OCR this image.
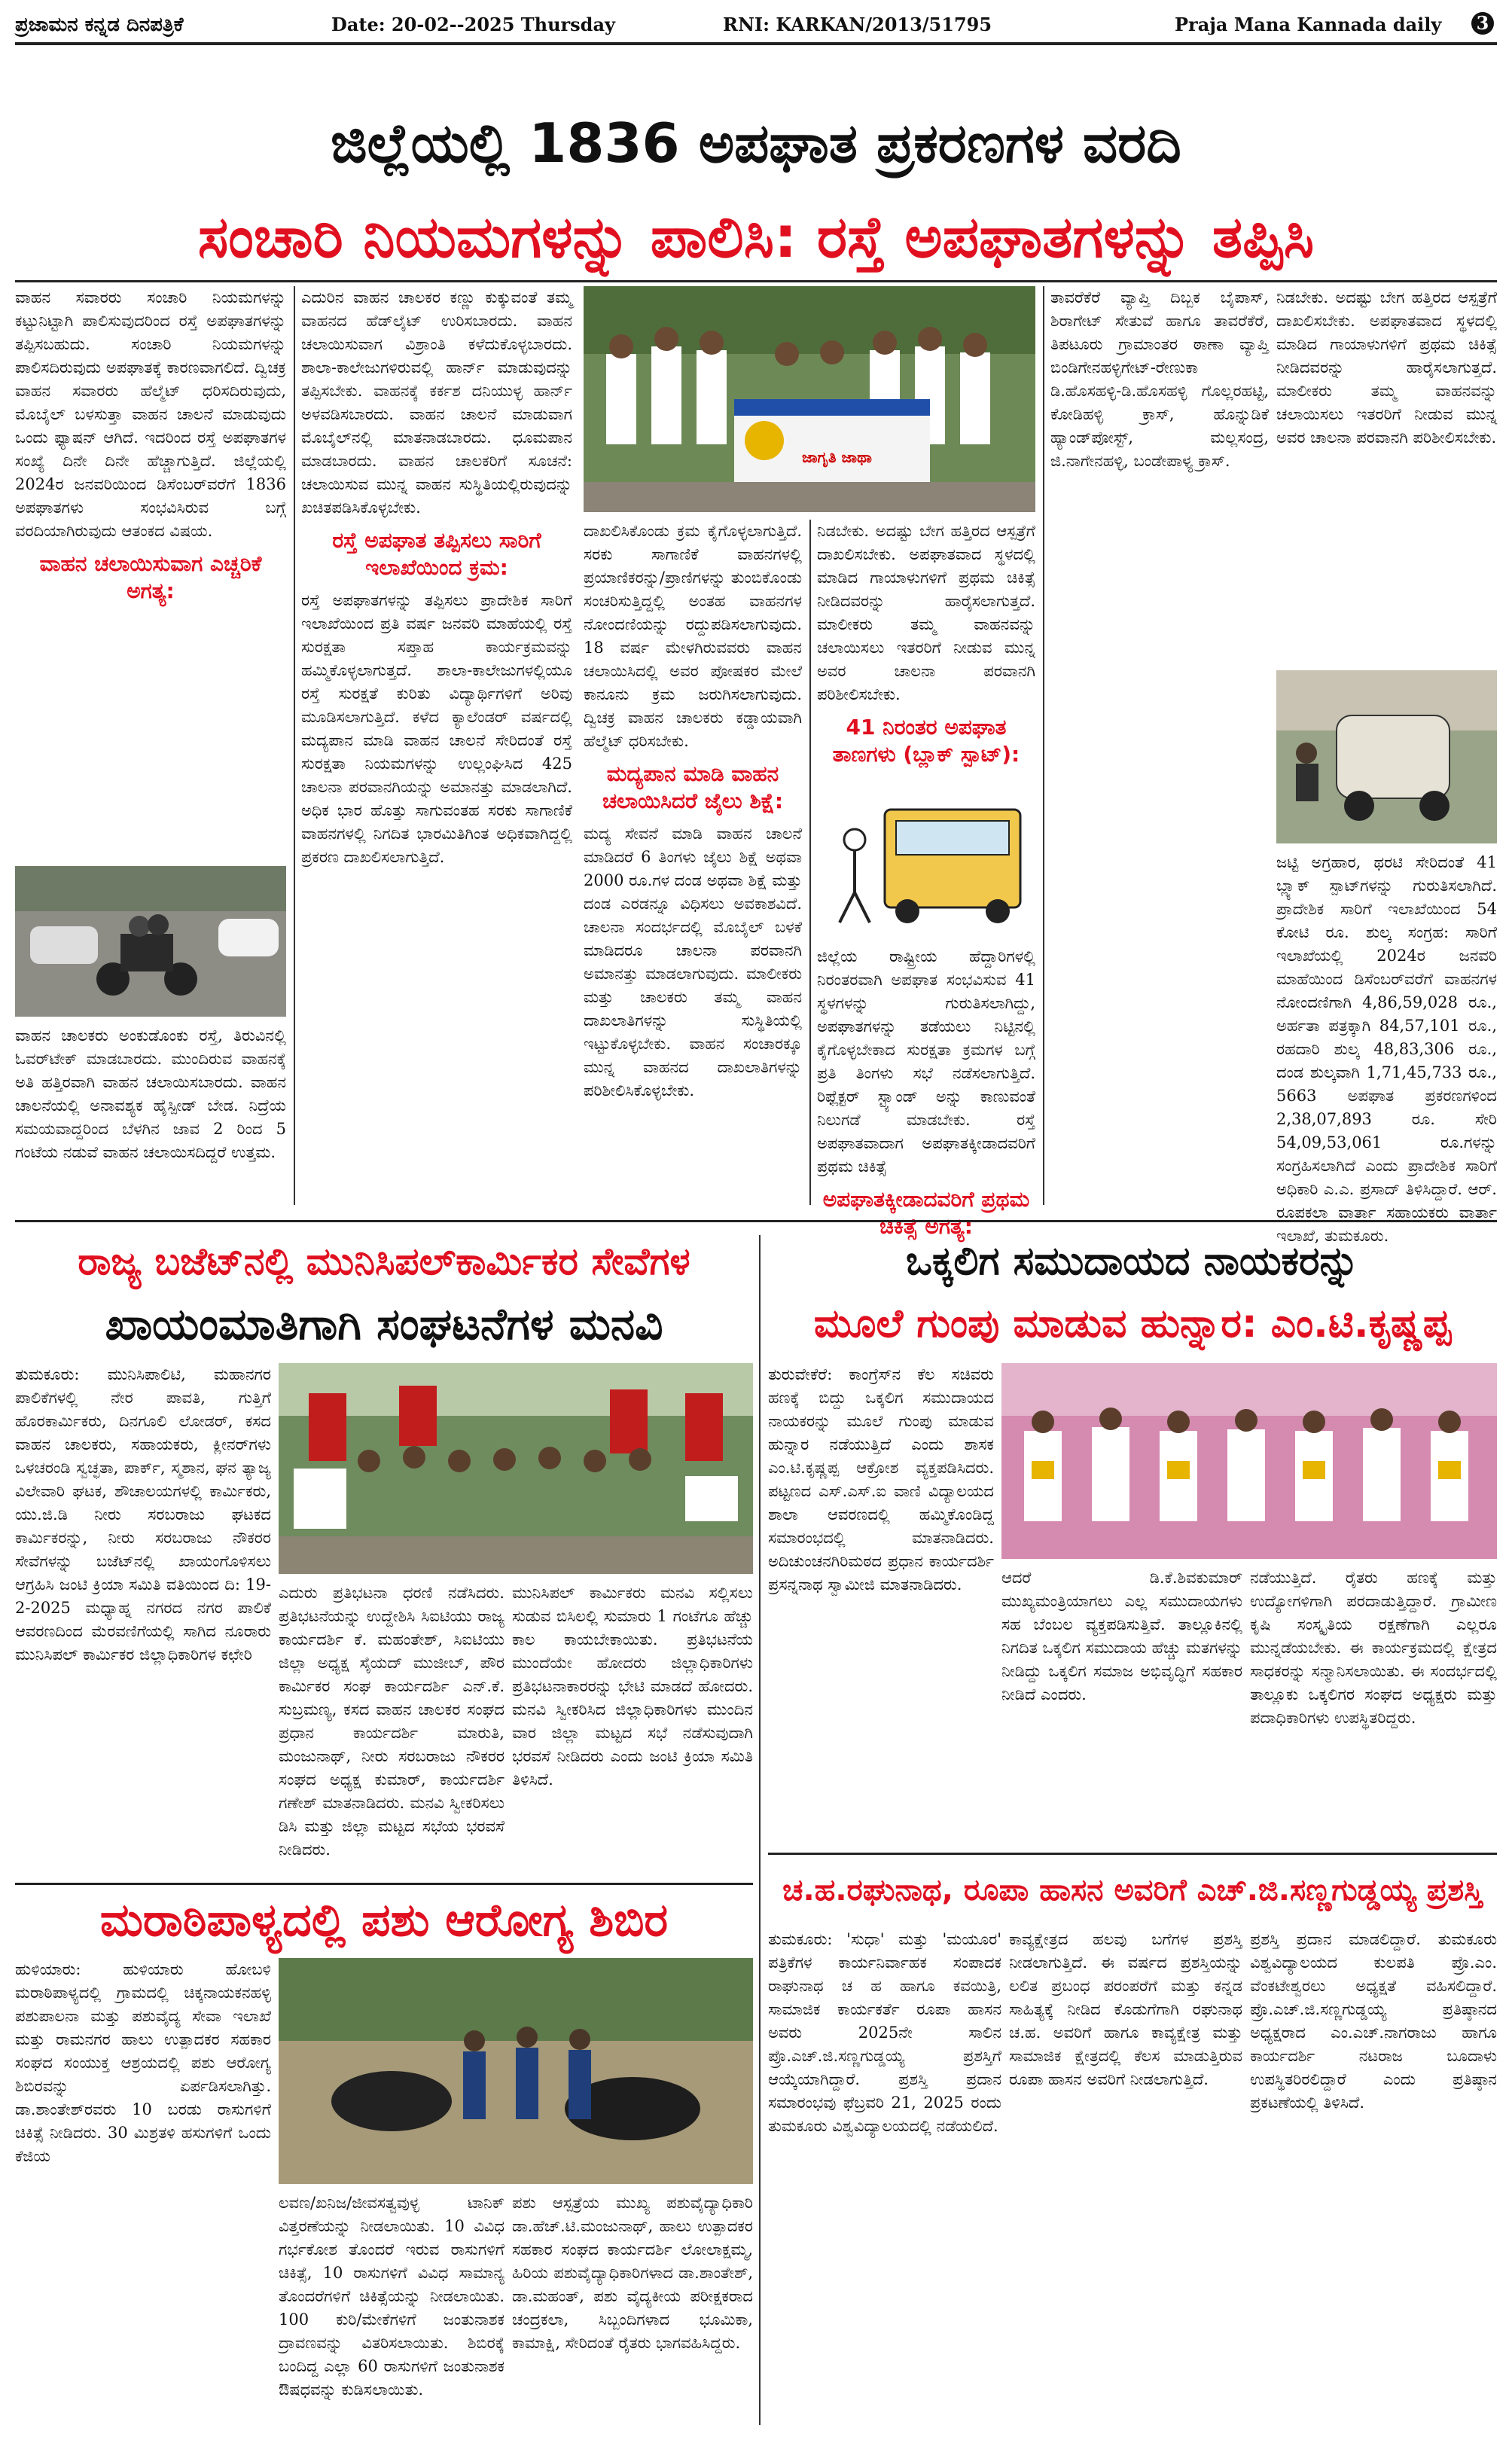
ಪ್ರಜಾಮನ ಕನ್ನಡ ದಿನಪತ್ರಿಕೆ	Date: 20-02--2025 Thursday	RNI: KARKAN/2013/51795	Praja Mana Kannada daily 3
ಜಿಲ್ಲೆಯಲ್ಲಿ 1836 ಅಪಘಾತ ಪ್ರಕರಣಗಳ ವರದಿ
ಸಂಚಾರಿ ನಿಯಮಗಳನ್ನು ಪಾಲಿಸಿ: ರಸ್ತೆ ಅಪಘಾತಗಳನ್ನು ತಪ್ಪಿಸಿ

ವಾಹನ ಸವಾರರು ಸಂಚಾರಿ ನಿಯಮಗಳನ್ನು ಕಟ್ಟುನಿಟ್ಟಾಗಿ ಪಾಲಿಸುವುದರಿಂದ ರಸ್ತೆ ಅಪಘಾತಗಳನ್ನು ತಪ್ಪಿಸಬಹುದು. ಸಂಚಾರಿ ನಿಯಮಗಳನ್ನು ಪಾಲಿಸದಿರುವುದು ಅಪಘಾತಕ್ಕೆ ಕಾರಣವಾಗಲಿದೆ. ದ್ವಿಚಕ್ರ ವಾಹನ ಸವಾರರು ಹೆಲ್ಮೆಟ್ ಧರಿಸದಿರುವುದು, ಮೊಬೈಲ್ ಬಳಸುತ್ತಾ ವಾಹನ ಚಾಲನೆ ಮಾಡುವುದು ಒಂದು ಫ್ಯಾಷನ್ ಆಗಿದೆ. ಇದರಿಂದ ರಸ್ತೆ ಅಪಘಾತಗಳ ಸಂಖ್ಯೆ ದಿನೇ ದಿನೇ ಹೆಚ್ಚಾಗುತ್ತಿದೆ. ಜಿಲ್ಲೆಯಲ್ಲಿ 2024ರ ಜನವರಿಯಿಂದ ಡಿಸೆಂಬರ್‌ವರೆಗೆ 1836 ಅಪಘಾತಗಳು ಸಂಭವಿಸಿರುವ ಬಗ್ಗೆ ವರದಿಯಾಗಿರುವುದು ಆತಂಕದ ವಿಷಯ.

ವಾಹನ ಚಲಾಯಿಸುವಾಗ ಎಚ್ಚರಿಕೆ ಅಗತ್ಯ:
ವಾಹನ ಚಾಲಕರು ಅಂಕುಡೊಂಕು ರಸ್ತೆ, ತಿರುವಿನಲ್ಲಿ ಓವರ್‌ಟೇಕ್ ಮಾಡಬಾರದು. ಮುಂದಿರುವ ವಾಹನಕ್ಕೆ ಅತಿ ಹತ್ತಿರವಾಗಿ ವಾಹನ ಚಲಾಯಿಸಬಾರದು. ವಾಹನ ಚಾಲನೆಯಲ್ಲಿ ಅನಾವಶ್ಯಕ ಹೈಸ್ಪೀಡ್ ಬೇಡ. ನಿದ್ರೆಯ ಸಮಯವಾದ್ದರಿಂದ ಬೆಳಗಿನ ಜಾವ 2 ರಿಂದ 5 ಗಂಟೆಯ ನಡುವೆ ವಾಹನ ಚಲಾಯಿಸದಿದ್ದರೆ ಉತ್ತಮ.

ಎದುರಿನ ವಾಹನ ಚಾಲಕರ ಕಣ್ಣು ಕುಕ್ಕುವಂತೆ ತಮ್ಮ ವಾಹನದ ಹೆಡ್‌ಲೈಟ್ ಉರಿಸಬಾರದು. ವಾಹನ ಚಲಾಯಿಸುವಾಗ ವಿಶ್ರಾಂತಿ ಕಳೆದುಕೊಳ್ಳಬಾರದು. ಶಾಲಾ-ಕಾಲೇಜುಗಳಿರುವಲ್ಲಿ ಹಾರ್ನ್ ಮಾಡುವುದನ್ನು ತಪ್ಪಿಸಬೇಕು. ವಾಹನಕ್ಕೆ ಕರ್ಕಶ ದನಿಯುಳ್ಳ ಹಾರ್ನ್ ಅಳವಡಿಸಬಾರದು. ವಾಹನ ಚಾಲನೆ ಮಾಡುವಾಗ ಮೊಬೈಲ್‌ನಲ್ಲಿ ಮಾತನಾಡಬಾರದು. ಧೂಮಪಾನ ಮಾಡಬಾರದು. ವಾಹನ ಚಾಲಕರಿಗೆ ಸೂಚನೆ: ಚಲಾಯಿಸುವ ಮುನ್ನ ವಾಹನ ಸುಸ್ಥಿತಿಯಲ್ಲಿರುವುದನ್ನು ಖಚಿತಪಡಿಸಿಕೊಳ್ಳಬೇಕು.

ರಸ್ತೆ ಅಪಘಾತ ತಪ್ಪಿಸಲು ಸಾರಿಗೆ ಇಲಾಖೆಯಿಂದ ಕ್ರಮ:

ರಸ್ತೆ ಅಪಘಾತಗಳನ್ನು ತಪ್ಪಿಸಲು ಪ್ರಾದೇಶಿಕ ಸಾರಿಗೆ ಇಲಾಖೆಯಿಂದ ಪ್ರತಿ ವರ್ಷ ಜನವರಿ ಮಾಹೆಯಲ್ಲಿ ರಸ್ತೆ ಸುರಕ್ಷತಾ ಸಪ್ತಾಹ ಕಾರ್ಯಕ್ರಮವನ್ನು ಹಮ್ಮಿಕೊಳ್ಳಲಾಗುತ್ತದೆ. ಶಾಲಾ-ಕಾಲೇಜುಗಳಲ್ಲಿಯೂ ರಸ್ತೆ ಸುರಕ್ಷತೆ ಕುರಿತು ವಿದ್ಯಾರ್ಥಿಗಳಿಗೆ ಅರಿವು ಮೂಡಿಸಲಾಗುತ್ತಿದೆ. ಕಳೆದ ಕ್ಯಾಲೆಂಡರ್ ವರ್ಷದಲ್ಲಿ ಮದ್ಯಪಾನ ಮಾಡಿ ವಾಹನ ಚಾಲನೆ ಸೇರಿದಂತೆ ರಸ್ತೆ ಸುರಕ್ಷತಾ ನಿಯಮಗಳನ್ನು ಉಲ್ಲಂಘಿಸಿದ 425 ಚಾಲನಾ ಪರವಾನಗಿಯನ್ನು ಅಮಾನತ್ತು ಮಾಡಲಾಗಿದೆ. ಅಧಿಕ ಭಾರ ಹೊತ್ತು ಸಾಗುವಂತಹ ಸರಕು ಸಾಗಾಣಿಕೆ ವಾಹನಗಳಲ್ಲಿ ನಿಗದಿತ ಭಾರಮಿತಿಗಿಂತ ಅಧಿಕವಾಗಿದ್ದಲ್ಲಿ ಪ್ರಕರಣ ದಾಖಲಿಸಲಾಗುತ್ತಿದೆ.

ಜಾಗೃತಿ ಜಾಥಾ

ದಾಖಲಿಸಿಕೊಂಡು ಕ್ರಮ ಕೈಗೊಳ್ಳಲಾಗುತ್ತಿದೆ. ಸರಕು ಸಾಗಾಣಿಕೆ ವಾಹನಗಳಲ್ಲಿ ಪ್ರಯಾಣಿಕರನ್ನು/ಪ್ರಾಣಿಗಳನ್ನು ತುಂಬಿಕೊಂಡು ಸಂಚರಿಸುತ್ತಿದ್ದಲ್ಲಿ ಅಂತಹ ವಾಹನಗಳ ನೋಂದಣಿಯನ್ನು ರದ್ದುಪಡಿಸಲಾಗುವುದು. 18 ವರ್ಷ ಮೇಳಗಿರುವವರು ವಾಹನ ಚಲಾಯಿಸಿದಲ್ಲಿ ಅವರ ಪೋಷಕರ ಮೇಲೆ ಕಾನೂನು ಕ್ರಮ ಜರುಗಿಸಲಾಗುವುದು. ದ್ವಿಚಕ್ರ ವಾಹನ ಚಾಲಕರು ಕಡ್ಡಾಯವಾಗಿ ಹೆಲ್ಮೆಟ್ ಧರಿಸಬೇಕು.

ಮದ್ಯಪಾನ ಮಾಡಿ ವಾಹನ ಚಲಾಯಿಸಿದರೆ ಜೈಲು ಶಿಕ್ಷೆ:

ಮದ್ಯ ಸೇವನೆ ಮಾಡಿ ವಾಹನ ಚಾಲನೆ ಮಾಡಿದರೆ 6 ತಿಂಗಳು ಜೈಲು ಶಿಕ್ಷೆ ಅಥವಾ 2000 ರೂ.ಗಳ ದಂಡ ಅಥವಾ ಶಿಕ್ಷೆ ಮತ್ತು ದಂಡ ಎರಡನ್ನೂ ವಿಧಿಸಲು ಅವಕಾಶವಿದೆ. ಚಾಲನಾ ಸಂದರ್ಭದಲ್ಲಿ ಮೊಬೈಲ್ ಬಳಕೆ ಮಾಡಿದರೂ ಚಾಲನಾ ಪರವಾನಗಿ ಅಮಾನತ್ತು ಮಾಡಲಾಗುವುದು. ಮಾಲೀಕರು ಮತ್ತು ಚಾಲಕರು ತಮ್ಮ ವಾಹನ ದಾಖಲಾತಿಗಳನ್ನು ಸುಸ್ಥಿತಿಯಲ್ಲಿ ಇಟ್ಟುಕೊಳ್ಳಬೇಕು. ವಾಹನ ಸಂಚಾರಕ್ಕೂ ಮುನ್ನ ವಾಹನದ ದಾಖಲಾತಿಗಳನ್ನು ಪರಿಶೀಲಿಸಿಕೊಳ್ಳಬೇಕು.

ನಿಡಬೇಕು. ಅದಷ್ಟು ಬೇಗ ಹತ್ತಿರದ ಆಸ್ಪತ್ರೆಗೆ ದಾಖಲಿಸಬೇಕು. ಅಪಘಾತವಾದ ಸ್ಥಳದಲ್ಲಿ ಮಾಡಿದ ಗಾಯಾಳುಗಳಿಗೆ ಪ್ರಥಮ ಚಿಕಿತ್ಸೆ ನೀಡಿದವರನ್ನು ಹಾರೈಸಲಾಗುತ್ತದೆ. ಮಾಲೀಕರು ತಮ್ಮ ವಾಹನವನ್ನು ಚಲಾಯಿಸಲು ಇತರರಿಗೆ ನೀಡುವ ಮುನ್ನ ಅವರ ಚಾಲನಾ ಪರವಾನಗಿ ಪರಿಶೀಲಿಸಬೇಕು.

41 ನಿರಂತರ ಅಪಘಾತ ತಾಣಗಳು (ಬ್ಲಾಕ್ ಸ್ಪಾಟ್):

ಜಿಲ್ಲೆಯ ರಾಷ್ಟ್ರೀಯ ಹೆದ್ದಾರಿಗಳಲ್ಲಿ ನಿರಂತರವಾಗಿ ಅಪಘಾತ ಸಂಭವಿಸುವ 41 ಸ್ಥಳಗಳನ್ನು ಗುರುತಿಸಲಾಗಿದ್ದು, ಅಪಘಾತಗಳನ್ನು ತಡೆಯಲು ನಿಟ್ಟಿನಲ್ಲಿ ಕೈಗೊಳ್ಳಬೇಕಾದ ಸುರಕ್ಷತಾ ಕ್ರಮಗಳ ಬಗ್ಗೆ ಪ್ರತಿ ತಿಂಗಳು ಸಭೆ ನಡೆಸಲಾಗುತ್ತಿದೆ. ರಿಫ್ಲೆಕ್ಟರ್ ಸ್ಟ್ಯಾಂಡ್ ಅನ್ನು ಕಾಣುವಂತೆ ನಿಲುಗಡೆ ಮಾಡಬೇಕು. ರಸ್ತೆ ಅಪಘಾತವಾದಾಗ ಅಪಘಾತಕ್ಕೀಡಾದವರಿಗೆ ಪ್ರಥಮ ಚಿಕಿತ್ಸೆ

ಅಪಘಾತಕ್ಕೀಡಾದವರಿಗೆ ಪ್ರಥಮ ಚಿಕಿತ್ಸೆ ಅಗತ್ಯ:
ತಾವರೆಕೆರೆ ವ್ಯಾಪ್ತಿ ದಿಬ್ಬಕ ಬೈಪಾಸ್, ಶಿರಾಗೇಟ್ ಸೇತುವೆ ಹಾಗೂ ತಾವರೆಕೆರೆ, ತಿಪಟೂರು ಗ್ರಾಮಾಂತರ ಠಾಣಾ ವ್ಯಾಪ್ತಿ ಬಿಂಡಿಗೇನಹಳ್ಳಿಗೇಟ್-ರೇಣುಕಾ ಡಿ.ಹೊಸಹಳ್ಳಿ-ಡಿ.ಹೊಸಹಳ್ಳಿ ಗೊಲ್ಲರಹಟ್ಟಿ, ಕೋಡಿಹಳ್ಳಿ ಕ್ರಾಸ್, ಹೊನ್ನುಡಿಕೆ ಹ್ಯಾಂಡ್‌ಪೋಸ್ಟ್, ಮಲ್ಲಸಂದ್ರ, ಜಿ.ನಾಗೇನಹಳ್ಳಿ, ಬಂಡೇಪಾಳ್ಯ ಕ್ರಾಸ್.

ನಿಡಬೇಕು. ಅದಷ್ಟು ಬೇಗ ಹತ್ತಿರದ ಆಸ್ಪತ್ರೆಗೆ ದಾಖಲಿಸಬೇಕು. ಅಪಘಾತವಾದ ಸ್ಥಳದಲ್ಲಿ ಮಾಡಿದ ಗಾಯಾಳುಗಳಿಗೆ ಪ್ರಥಮ ಚಿಕಿತ್ಸೆ ನೀಡಿದವರನ್ನು ಹಾರೈಸಲಾಗುತ್ತದೆ. ಮಾಲೀಕರು ತಮ್ಮ ವಾಹನವನ್ನು ಚಲಾಯಿಸಲು ಇತರರಿಗೆ ನೀಡುವ ಮುನ್ನ ಅವರ ಚಾಲನಾ ಪರವಾನಗಿ ಪರಿಶೀಲಿಸಬೇಕು.

ಜಟ್ಟಿ ಅಗ್ರಹಾರ, ಥರಟಿ ಸೇರಿದಂತೆ 41 ಬ್ಲ್ಯಾಕ್ ಸ್ಪಾಟ್‌ಗಳನ್ನು ಗುರುತಿಸಲಾಗಿದೆ. ಪ್ರಾದೇಶಿಕ ಸಾರಿಗೆ ಇಲಾಖೆಯಿಂದ 54 ಕೋಟಿ ರೂ. ಶುಲ್ಕ ಸಂಗ್ರಹ: ಸಾರಿಗೆ ಇಲಾಖೆಯಲ್ಲಿ 2024ರ ಜನವರಿ ಮಾಹೆಯಿಂದ ಡಿಸೆಂಬರ್‌ವರೆಗೆ ವಾಹನಗಳ ನೋಂದಣಿಗಾಗಿ 4,86,59,028 ರೂ., ಅರ್ಹತಾ ಪತ್ರಕ್ಕಾಗಿ 84,57,101 ರೂ., ರಹದಾರಿ ಶುಲ್ಕ 48,83,306 ರೂ., ದಂಡ ಶುಲ್ಕವಾಗಿ 1,71,45,733 ರೂ., 5663 ಅಪಘಾತ ಪ್ರಕರಣಗಳಿಂದ 2,38,07,893 ರೂ. ಸೇರಿ 54,09,53,061 ರೂ.ಗಳನ್ನು ಸಂಗ್ರಹಿಸಲಾಗಿದೆ ಎಂದು ಪ್ರಾದೇಶಿಕ ಸಾರಿಗೆ ಅಧಿಕಾರಿ ಎ.ಎ. ಪ್ರಸಾದ್ ತಿಳಿಸಿದ್ದಾರೆ. ಆರ್. ರೂಪಕಲಾ ವಾರ್ತಾ ಸಹಾಯಕರು ವಾರ್ತಾ ಇಲಾಖೆ, ತುಮಕೂರು.

ರಾಜ್ಯ ಬಜೆಟ್‌ನಲ್ಲಿ ಮುನಿಸಿಪಲ್‌ಕಾರ್ಮಿಕರ ಸೇವೆಗಳ
ಖಾಯಂಮಾತಿಗಾಗಿ ಸಂಘಟನೆಗಳ ಮನವಿ
ತುಮಕೂರು: ಮುನಿಸಿಪಾಲಿಟಿ, ಮಹಾನಗರ ಪಾಲಿಕೆಗಳಲ್ಲಿ ನೇರ ಪಾವತಿ, ಗುತ್ತಿಗೆ ಹೊರಕಾರ್ಮಿಕರು, ದಿನಗೂಲಿ ಲೋಡರ್, ಕಸದ ವಾಹನ ಚಾಲಕರು, ಸಹಾಯಕರು, ಕ್ಲೀನರ್‌ಗಳು ಒಳಚರಂಡಿ ಸ್ವಚ್ಛತಾ, ಪಾರ್ಕ್, ಸ್ಮಶಾನ, ಘನ ತ್ಯಾಜ್ಯ ವಿಲೇವಾರಿ ಘಟಕ, ಶೌಚಾಲಯಗಳಲ್ಲಿ ಕಾರ್ಮಿಕರು, ಯು.ಜಿ.ಡಿ ನೀರು ಸರಬರಾಜು ಘಟಕದ ಕಾರ್ಮಿಕರನ್ನು, ನೀರು ಸರಬರಾಜು ನೌಕರರ ಸೇವೆಗಳನ್ನು ಬಜೆಟ್‌ನಲ್ಲಿ ಖಾಯಂಗೊಳಿಸಲು ಆಗ್ರಹಿಸಿ ಜಂಟಿ ಕ್ರಿಯಾ ಸಮಿತಿ ವತಿಯಿಂದ ದಿ: 19-2-2025 ಮಧ್ಯಾಹ್ನ ನಗರದ ನಗರ ಪಾಲಿಕೆ ಆವರಣದಿಂದ ಮೆರವಣಿಗೆಯಲ್ಲಿ ಸಾಗಿದ ನೂರಾರು ಮುನಿಸಿಪಲ್ ಕಾರ್ಮಿಕರ ಜಿಲ್ಲಾಧಿಕಾರಿಗಳ ಕಛೇರಿ
ಎದುರು ಪ್ರತಿಭಟನಾ ಧರಣಿ ನಡೆಸಿದರು. ಪ್ರತಿಭಟನೆಯನ್ನು ಉದ್ದೇಶಿಸಿ ಸಿಐಟಿಯು ರಾಜ್ಯ ಕಾರ್ಯದರ್ಶಿ ಕೆ. ಮಹಂತೇಶ್, ಸಿಐಟಿಯು ಜಿಲ್ಲಾ ಅಧ್ಯಕ್ಷ ಸೈಯದ್ ಮುಜೀಬ್, ಪೌರ ಕಾರ್ಮಿಕರ ಸಂಘ ಕಾರ್ಯದರ್ಶಿ ಎನ್.ಕೆ. ಸುಬ್ರಮಣ್ಯ, ಕಸದ ವಾಹನ ಚಾಲಕರ ಸಂಘದ ಪ್ರಧಾನ ಕಾರ್ಯದರ್ಶಿ ಮಾರುತಿ, ಮಂಜುನಾಥ್, ನೀರು ಸರಬರಾಜು ನೌಕರರ ಸಂಘದ ಅಧ್ಯಕ್ಷ ಕುಮಾರ್, ಕಾರ್ಯದರ್ಶಿ ಗಣೇಶ್ ಮಾತನಾಡಿದರು. ಮನವಿ ಸ್ವೀಕರಿಸಲು ಡಿಸಿ ಮತ್ತು ಜಿಲ್ಲಾ ಮಟ್ಟದ ಸಭೆಯ ಭರವಸೆ ನೀಡಿದರು.
ಮುನಿಸಿಪಲ್ ಕಾರ್ಮಿಕರು ಮನವಿ ಸಲ್ಲಿಸಲು ಸುಡುವ ಬಿಸಿಲಲ್ಲಿ ಸುಮಾರು 1 ಗಂಟೆಗೂ ಹೆಚ್ಚು ಕಾಲ ಕಾಯಬೇಕಾಯಿತು. ಪ್ರತಿಭಟನೆಯ ಮುಂದೆಯೇ ಹೋದರು ಜಿಲ್ಲಾಧಿಕಾರಿಗಳು ಪ್ರತಿಭಟನಾಕಾರರನ್ನು ಭೇಟಿ ಮಾಡದೆ ಹೋದರು. ಮನವಿ ಸ್ವೀಕರಿಸಿದ ಜಿಲ್ಲಾಧಿಕಾರಿಗಳು ಮುಂದಿನ ವಾರ ಜಿಲ್ಲಾ ಮಟ್ಟದ ಸಭೆ ನಡೆಸುವುದಾಗಿ ಭರವಸೆ ನೀಡಿದರು ಎಂದು ಜಂಟಿ ಕ್ರಿಯಾ ಸಮಿತಿ ತಿಳಿಸಿದೆ.
ಮರಾಠಿಪಾಳ್ಯದಲ್ಲಿ ಪಶು ಆರೋಗ್ಯ ಶಿಬಿರ
ಹುಳಿಯಾರು: ಹುಳಿಯಾರು ಹೋಬಳಿ ಮರಾಠಿಪಾಳ್ಯದಲ್ಲಿ ಗ್ರಾಮದಲ್ಲಿ ಚಿಕ್ಕನಾಯಕನಹಳ್ಳಿ ಪಶುಪಾಲನಾ ಮತ್ತು ಪಶುವೈದ್ಯ ಸೇವಾ ಇಲಾಖೆ ಮತ್ತು ರಾಮನಗರ ಹಾಲು ಉತ್ಪಾದಕರ ಸಹಕಾರ ಸಂಘದ ಸಂಯುಕ್ತ ಆಶ್ರಯದಲ್ಲಿ ಪಶು ಆರೋಗ್ಯ ಶಿಬಿರವನ್ನು ಏರ್ಪಡಿಸಲಾಗಿತ್ತು. ಡಾ.ಶಾಂತೇಶ್‌ರವರು 10 ಬರಡು ರಾಸುಗಳಿಗೆ ಚಿಕಿತ್ಸೆ ನೀಡಿದರು. 30 ಮಿಶ್ರತಳಿ ಹಸುಗಳಿಗೆ ಒಂದು ಕೆಜಿಯ
ಲವಣ/ಖನಿಜ/ಜೀವಸತ್ವವುಳ್ಳ ಟಾನಿಕ್ ವಿತ್ತರಣೆಯನ್ನು ನೀಡಲಾಯಿತು. 10 ವಿವಿಧ ಗರ್ಭಕೋಶ ತೊಂದರೆ ಇರುವ ರಾಸುಗಳಿಗೆ ಚಿಕಿತ್ಸೆ, 10 ರಾಸುಗಳಿಗೆ ವಿವಿಧ ಸಾಮಾನ್ಯ ತೊಂದರೆಗಳಿಗೆ ಚಿಕಿತ್ಸೆಯನ್ನು ನೀಡಲಾಯಿತು. 100 ಕುರಿ/ಮೇಕೆಗಳಿಗೆ ಜಂತುನಾಶಕ ದ್ರಾವಣವನ್ನು ವಿತರಿಸಲಾಯಿತು. ಶಿಬಿರಕ್ಕೆ ಬಂದಿದ್ದ ಎಲ್ಲಾ 60 ರಾಸುಗಳಿಗೆ ಜಂತುನಾಶಕ ಔಷಧವನ್ನು ಕುಡಿಸಲಾಯಿತು.
ಪಶು ಆಸ್ಪತ್ರೆಯ ಮುಖ್ಯ ಪಶುವೈದ್ಯಾಧಿಕಾರಿ ಡಾ.ಹೆಚ್.ಟಿ.ಮಂಜುನಾಥ್, ಹಾಲು ಉತ್ಪಾದಕರ ಸಹಕಾರ ಸಂಘದ ಕಾರ್ಯದರ್ಶಿ ಲೋಲಾಕ್ಷಮ್ಮ, ಹಿರಿಯ ಪಶುವೈದ್ಯಾಧಿಕಾರಿಗಳಾದ ಡಾ.ಶಾಂತೇಶ್, ಡಾ.ಮಹಂತ್, ಪಶು ವೈದ್ಯಕೀಯ ಪರೀಕ್ಷಕರಾದ ಚಂದ್ರಕಲಾ, ಸಿಬ್ಬಂದಿಗಳಾದ ಭೂಮಿಕಾ, ಕಾಮಾಕ್ಷಿ, ಸೇರಿದಂತೆ ರೈತರು ಭಾಗವಹಿಸಿದ್ದರು.
ಒಕ್ಕಲಿಗ ಸಮುದಾಯದ ನಾಯಕರನ್ನು
ಮೂಲೆ ಗುಂಪು ಮಾಡುವ ಹುನ್ನಾರ: ಎಂ.ಟಿ.ಕೃಷ್ಣಪ್ಪ
ತುರುವೇಕೆರೆ: ಕಾಂಗ್ರೆಸ್‌ನ ಕೆಲ ಸಚಿವರು ಹಣಕ್ಕೆ ಬಿದ್ದು ಒಕ್ಕಲಿಗ ಸಮುದಾಯದ ನಾಯಕರನ್ನು ಮೂಲೆ ಗುಂಪು ಮಾಡುವ ಹುನ್ನಾರ ನಡೆಯುತ್ತಿದೆ ಎಂದು ಶಾಸಕ ಎಂ.ಟಿ.ಕೃಷ್ಣಪ್ಪ ಆಕ್ರೋಶ ವ್ಯಕ್ತಪಡಿಸಿದರು. ಪಟ್ಟಣದ ಎಸ್.ಎಸ್.ಐ ವಾಣಿ ವಿದ್ಯಾಲಯದ ಶಾಲಾ ಆವರಣದಲ್ಲಿ ಹಮ್ಮಿಕೊಂಡಿದ್ದ ಸಮಾರಂಭದಲ್ಲಿ ಮಾತನಾಡಿದರು. ಅದಿಚುಂಚನಗಿರಿಮಠದ ಪ್ರಧಾನ ಕಾರ್ಯದರ್ಶಿ ಪ್ರಸನ್ನನಾಥ ಸ್ವಾಮೀಜಿ ಮಾತನಾಡಿದರು.	ಆದರೆ ಡಿ.ಕೆ.ಶಿವಕುಮಾರ್ ಮುಖ್ಯಮಂತ್ರಿಯಾಗಲು ಎಲ್ಲ ಸಮುದಾಯಗಳು ಸಹ ಬೆಂಬಲ ವ್ಯಕ್ತಪಡಿಸುತ್ತಿವೆ. ತಾಲ್ಲೂಕಿನಲ್ಲಿ ನಿಗದಿತ ಒಕ್ಕಲಿಗ ಸಮುದಾಯ ಹೆಚ್ಚು ಮತಗಳನ್ನು ನೀಡಿದ್ದು ಒಕ್ಕಲಿಗ ಸಮಾಜ ಅಭಿವೃದ್ಧಿಗೆ ಸಹಕಾರ ನೀಡಿದೆ ಎಂದರು.
ನಡೆಯುತ್ತಿದೆ. ರೈತರು ಹಣಕ್ಕೆ ಮತ್ತು ಉದ್ಯೋಗಳಿಗಾಗಿ ಪರದಾಡುತ್ತಿದ್ದಾರೆ. ಗ್ರಾಮೀಣ ಕೃಷಿ ಸಂಸ್ಕೃತಿಯ ರಕ್ಷಣೆಗಾಗಿ ಎಲ್ಲರೂ ಮುನ್ನಡೆಯಬೇಕು. ಈ ಕಾರ್ಯಕ್ರಮದಲ್ಲಿ ಕ್ಷೇತ್ರದ ಸಾಧಕರನ್ನು ಸನ್ಮಾನಿಸಲಾಯಿತು. ಈ ಸಂದರ್ಭದಲ್ಲಿ ತಾಲ್ಲೂಕು ಒಕ್ಕಲಿಗರ ಸಂಘದ ಅಧ್ಯಕ್ಷರು ಮತ್ತು ಪದಾಧಿಕಾರಿಗಳು ಉಪಸ್ಥಿತರಿದ್ದರು.
ಚ.ಹ.ರಘುನಾಥ, ರೂಪಾ ಹಾಸನ ಅವರಿಗೆ ಎಚ್.ಜಿ.ಸಣ್ಣಗುಡ್ಡಯ್ಯ ಪ್ರಶಸ್ತಿ
ತುಮಕೂರು: 'ಸುಧಾ' ಮತ್ತು 'ಮಯೂರ' ಪತ್ರಿಕೆಗಳ ಕಾರ್ಯನಿರ್ವಾಹಕ ಸಂಪಾದಕ ರಾಘುನಾಥ ಚ ಹ ಹಾಗೂ ಕವಯಿತ್ರಿ, ಸಾಮಾಜಿಕ ಕಾರ್ಯಕರ್ತೆ ರೂಪಾ ಹಾಸನ ಅವರು 2025ನೇ ಸಾಲಿನ ಪ್ರೊ.ಎಚ್.ಜಿ.ಸಣ್ಣಗುಡ್ಡಯ್ಯ ಪ್ರಶಸ್ತಿಗೆ ಆಯ್ಕೆಯಾಗಿದ್ದಾರೆ. ಪ್ರಶಸ್ತಿ ಪ್ರದಾನ ಸಮಾರಂಭವು ಫೆಬ್ರವರಿ 21, 2025 ರಂದು ತುಮಕೂರು ವಿಶ್ವವಿದ್ಯಾಲಯದಲ್ಲಿ ನಡೆಯಲಿದೆ.
ಕಾವ್ಯಕ್ಷೇತ್ರದ ಹಲವು ಬಗೆಗಳ ಪ್ರಶಸ್ತಿ ನೀಡಲಾಗುತ್ತಿದೆ. ಈ ವರ್ಷದ ಪ್ರಶಸ್ತಿಯನ್ನು ಲಲಿತ ಪ್ರಬಂಧ ಪರಂಪರೆಗೆ ಮತ್ತು ಕನ್ನಡ ಸಾಹಿತ್ಯಕ್ಕೆ ನೀಡಿದ ಕೊಡುಗೆಗಾಗಿ ರಘುನಾಥ ಚ.ಹ. ಅವರಿಗೆ ಹಾಗೂ ಕಾವ್ಯಕ್ಷೇತ್ರ ಮತ್ತು ಸಾಮಾಜಿಕ ಕ್ಷೇತ್ರದಲ್ಲಿ ಕೆಲಸ ಮಾಡುತ್ತಿರುವ ರೂಪಾ ಹಾಸನ ಅವರಿಗೆ ನೀಡಲಾಗುತ್ತಿದೆ.
ಪ್ರಶಸ್ತಿ ಪ್ರದಾನ ಮಾಡಲಿದ್ದಾರೆ. ತುಮಕೂರು ವಿಶ್ವವಿದ್ಯಾಲಯದ ಕುಲಪತಿ ಪ್ರೊ.ಎಂ. ವೆಂಕಟೇಶ್ವರಲು ಅಧ್ಯಕ್ಷತೆ ವಹಿಸಲಿದ್ದಾರೆ. ಪ್ರೊ.ಎಚ್.ಜಿ.ಸಣ್ಣಗುಡ್ಡಯ್ಯ ಪ್ರತಿಷ್ಠಾನದ ಅಧ್ಯಕ್ಷರಾದ ಎಂ.ಎಚ್.ನಾಗರಾಜು ಹಾಗೂ ಕಾರ್ಯದರ್ಶಿ ನಟರಾಜ ಬೂದಾಳು ಉಪಸ್ಥಿತರಿರಲಿದ್ದಾರೆ ಎಂದು ಪ್ರತಿಷ್ಠಾನ ಪ್ರಕಟಣೆಯಲ್ಲಿ ತಿಳಿಸಿದೆ.
